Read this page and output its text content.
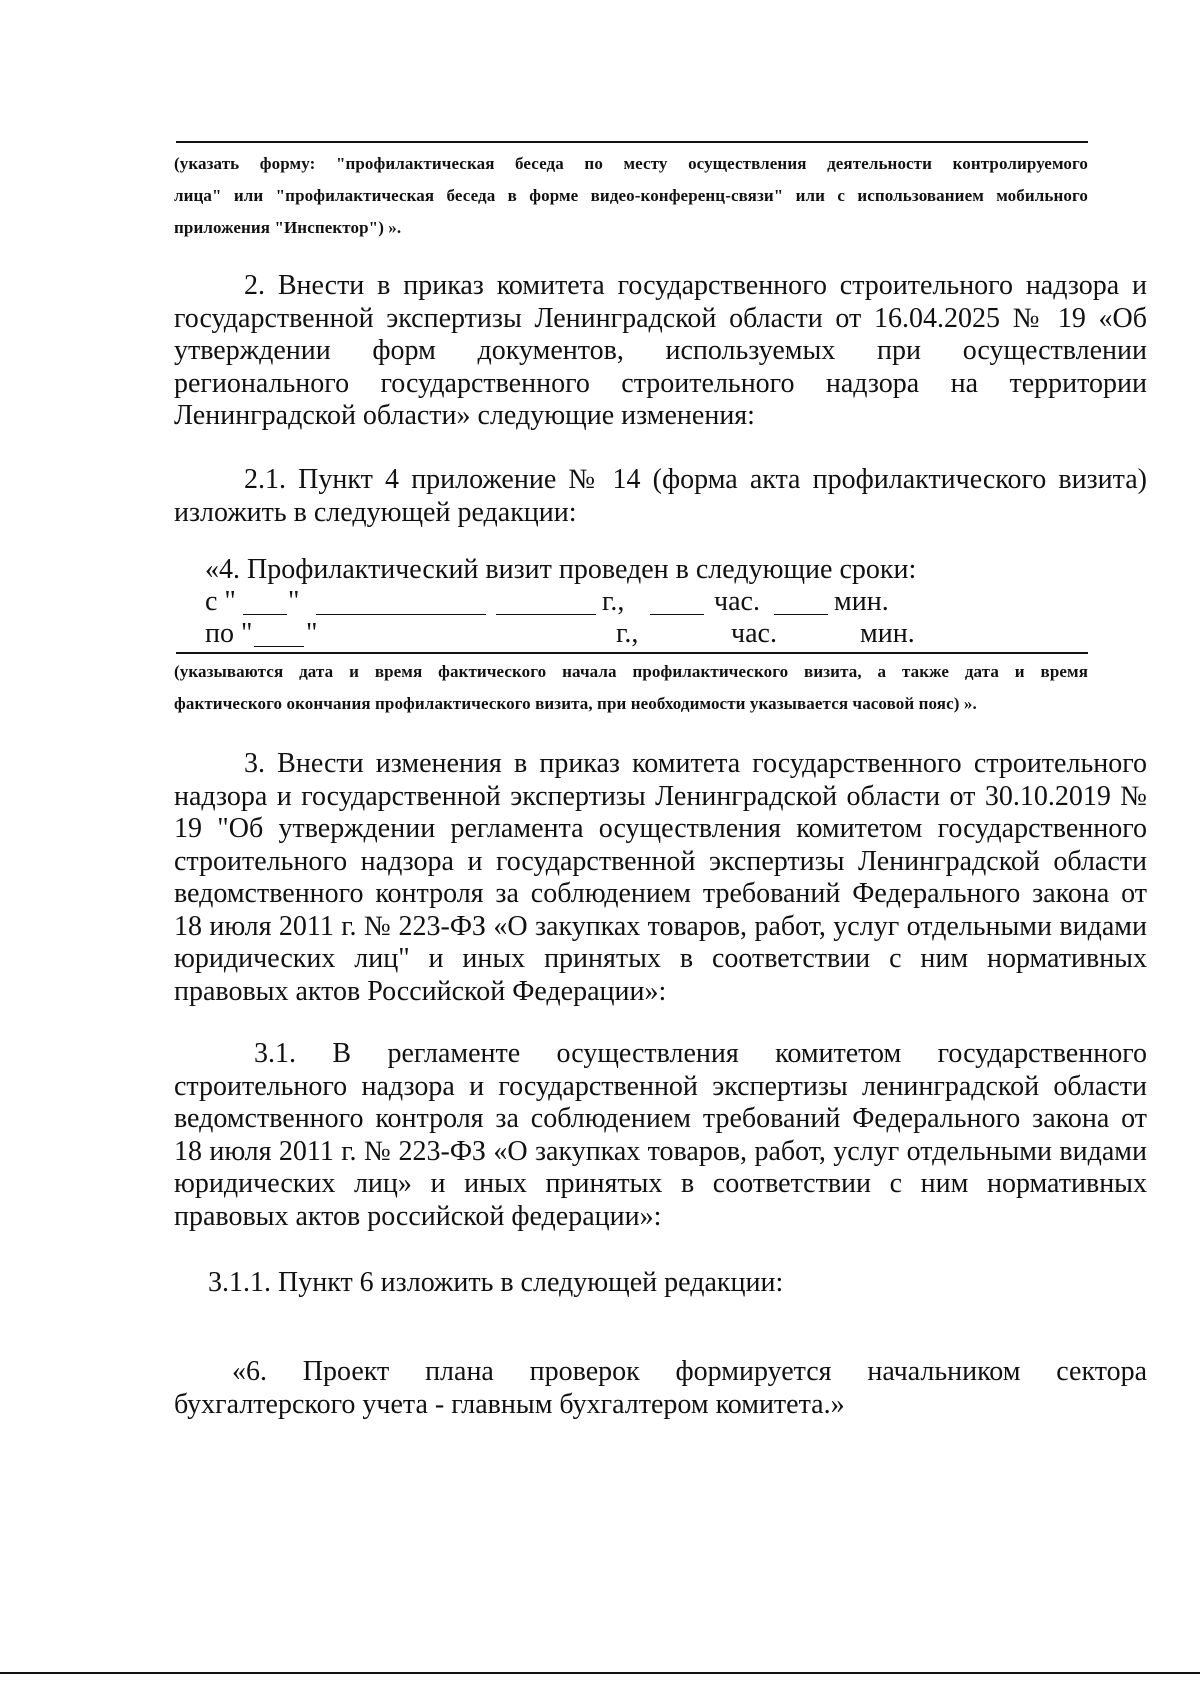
(указать форму: "профилактическая беседа по месту осуществления деятельности контролируемого
лица" или "профилактическая беседа в форме видео-конференц-связи" или с использованием мобильного
приложения "Инспектор") ».
2. Внести в приказ комитета государственного строительного надзора и государственной экспертизы Ленинградской области от 16.04.2025 № 19 «Об утверждении форм документов, используемых при осуществлении регионального государственного строительного надзора на территории Ленинградской области» следующие изменения:
2.1. Пункт 4 приложение № 14 (форма акта профилактического визита) изложить в следующей редакции:
«4. Профилактический визит проведен в следующие сроки:
с " "	г.,	час.	мин.
по " "	г.,	час.	мин.
(указываются дата и время фактического начала профилактического визита, а также дата и время
фактического окончания профилактического визита, при необходимости указывается часовой пояс) ».
3. Внести изменения в приказ комитета государственного строительного надзора и государственной экспертизы Ленинградской области от 30.10.2019 № 19 "Об утверждении регламента осуществления комитетом государственного строительного надзора и государственной экспертизы Ленинградской области ведомственного контроля за соблюдением требований Федерального закона от 18 июля 2011 г. № 223-ФЗ «О закупках товаров, работ, услуг отдельными видами юридических лиц" и иных принятых в соответствии с ним нормативных правовых актов Российской Федерации»:
3.1. В регламенте осуществления комитетом государственного строительного надзора и государственной экспертизы ленинградской области ведомственного контроля за соблюдением требований Федерального закона от 18 июля 2011 г. № 223-ФЗ «О закупках товаров, работ, услуг отдельными видами юридических лиц» и иных принятых в соответствии с ним нормативных правовых актов российской федерации»:
3.1.1. Пункт 6 изложить в следующей редакции:
«6. Проект плана проверок формируется начальником сектора бухгалтерского учета - главным бухгалтером комитета.»
